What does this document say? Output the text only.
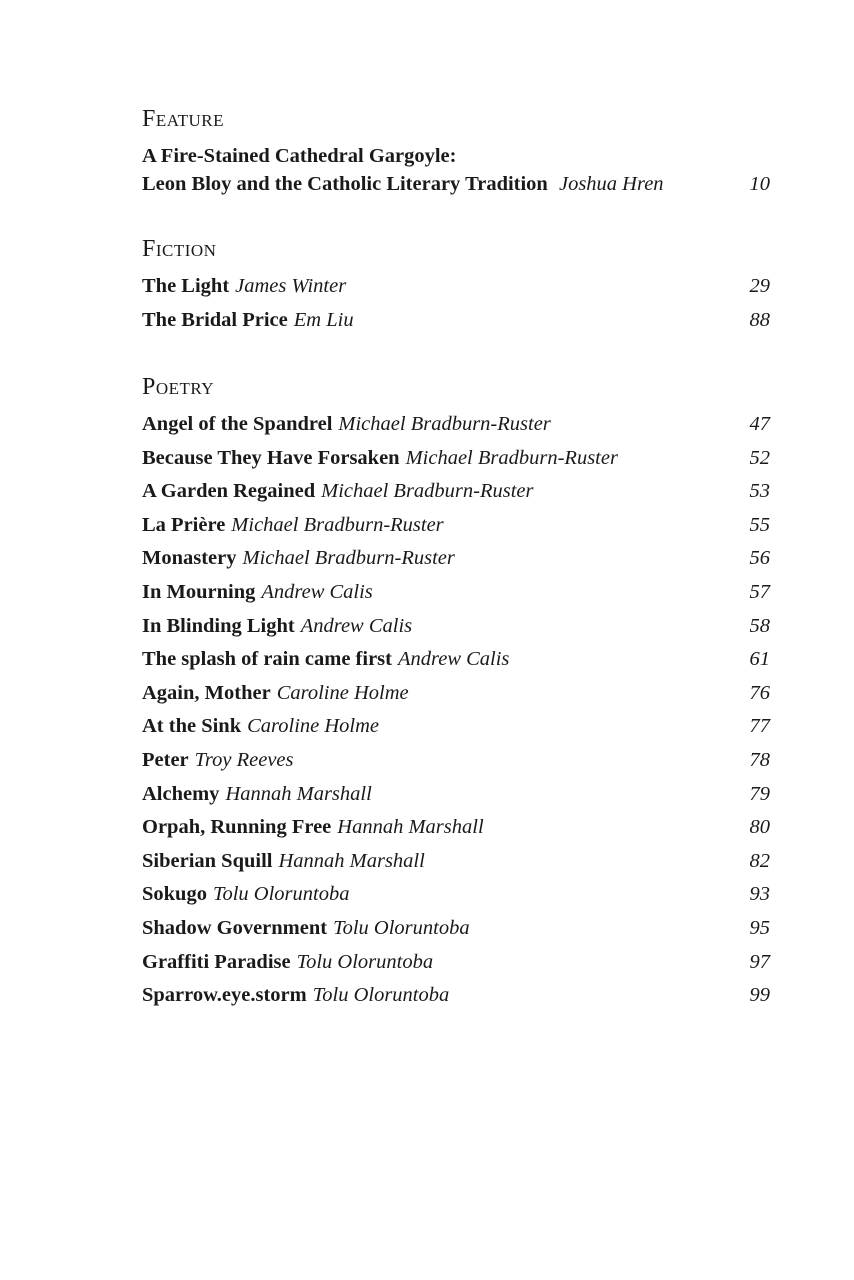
Feature
A Fire-Stained Cathedral Gargoyle:
Leon Bloy and the Catholic Literary Tradition Joshua Hren	10
Fiction
The Light James Winter	29
The Bridal Price Em Liu	88
Poetry
Angel of the Spandrel Michael Bradburn-Ruster	47
Because They Have Forsaken Michael Bradburn-Ruster	52
A Garden Regained Michael Bradburn-Ruster	53
La Prière Michael Bradburn-Ruster	55
Monastery Michael Bradburn-Ruster	56
In Mourning Andrew Calis	57
In Blinding Light Andrew Calis	58
The splash of rain came first Andrew Calis	61
Again, Mother Caroline Holme	76
At the Sink Caroline Holme	77
Peter Troy Reeves	78
Alchemy Hannah Marshall	79
Orpah, Running Free Hannah Marshall	80
Siberian Squill Hannah Marshall	82
Sokugo Tolu Oloruntoba	93
Shadow Government Tolu Oloruntoba	95
Graffiti Paradise Tolu Oloruntoba	97
Sparrow.eye.storm Tolu Oloruntoba	99
